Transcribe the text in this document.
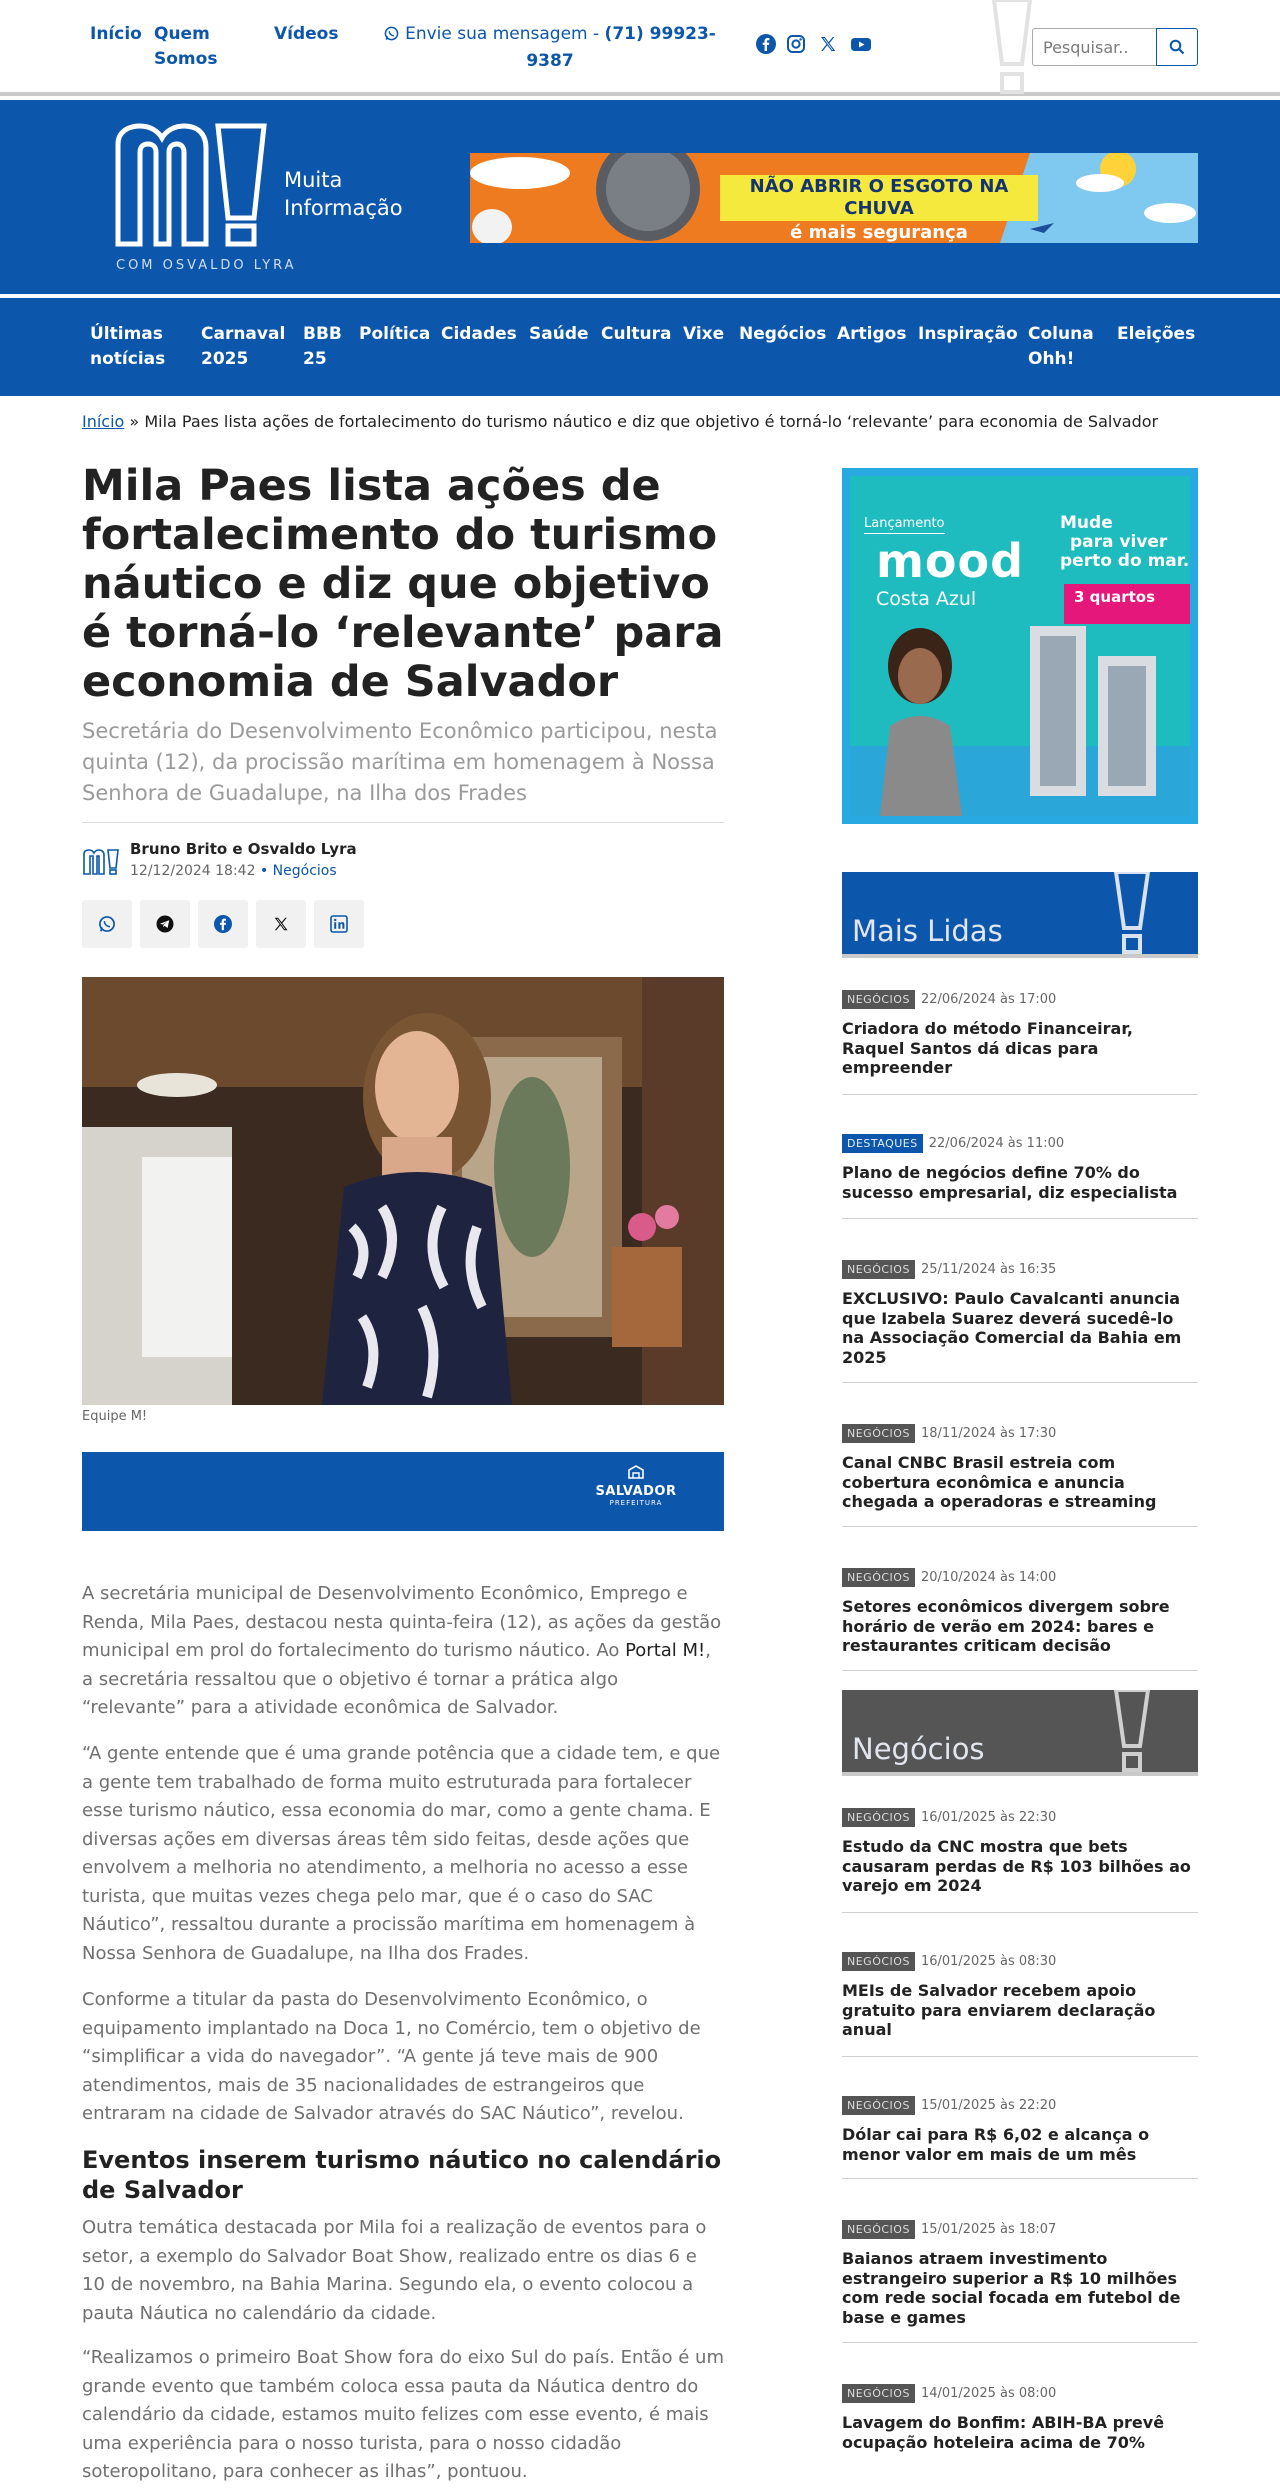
Início Quem Somos
Vídeos	Envie sua mensagem - (71) 99923-9387
Pesquisar..
Muita Informação
COM OSVALDO LYRA
NÃO ABRIR O ESGOTO NA CHUVA
é mais segurança
Últimas notícias
Carnaval 2025
BBB 25
Política Cidades Saúde Cultura Vixe Negócios Artigos Inspiração Coluna Ohh!
Eleições
Início » Mila Paes lista ações de fortalecimento do turismo náutico e diz que objetivo é torná-lo ‘relevante’ para economia de Salvador
Mila Paes lista ações de fortalecimento do turismo náutico e diz que objetivo é torná-lo ‘relevante’ para economia de Salvador

Secretária do Desenvolvimento Econômico participou, nesta quinta (12), da procissão marítima em homenagem à Nossa Senhora de Guadalupe, na Ilha dos Frades

Bruno Brito e Osvaldo Lyra
12/12/2024 18:42 • Negócios
Equipe M!
SALVADOR
PREFEITURA

A secretária municipal de Desenvolvimento Econômico, Emprego e Renda, Mila Paes, destacou nesta quinta-feira (12), as ações da gestão municipal em prol do fortalecimento do turismo náutico. Ao Portal M!, a secretária ressaltou que o objetivo é tornar a prática algo “relevante” para a atividade econômica de Salvador.

“A gente entende que é uma grande potência que a cidade tem, e que a gente tem trabalhado de forma muito estruturada para fortalecer esse turismo náutico, essa economia do mar, como a gente chama. E diversas ações em diversas áreas têm sido feitas, desde ações que envolvem a melhoria no atendimento, a melhoria no acesso a esse turista, que muitas vezes chega pelo mar, que é o caso do SAC Náutico”, ressaltou durante a procissão marítima em homenagem à Nossa Senhora de Guadalupe, na Ilha dos Frades.

Conforme a titular da pasta do Desenvolvimento Econômico, o equipamento implantado na Doca 1, no Comércio, tem o objetivo de “simplificar a vida do navegador”. “A gente já teve mais de 900 atendimentos, mais de 35 nacionalidades de estrangeiros que entraram na cidade de Salvador através do SAC Náutico”, revelou.

Eventos inserem turismo náutico no calendário de Salvador

Outra temática destacada por Mila foi a realização de eventos para o setor, a exemplo do Salvador Boat Show, realizado entre os dias 6 e 10 de novembro, na Bahia Marina. Segundo ela, o evento colocou a pauta Náutica no calendário da cidade.

“Realizamos o primeiro Boat Show fora do eixo Sul do país. Então é um grande evento que também coloca essa pauta da Náutica dentro do calendário da cidade, estamos muito felizes com esse evento, é mais uma experiência para o nosso turista, para o nosso cidadão soteropolitano, para conhecer as ilhas”, pontuou.

Lançamento
mood
Costa Azul
Mude
para viver
perto do mar.
3 quartos
Mais Lidas
NEGÓCIOS 22/06/2024 às 17:00
Criadora do método Financeirar, Raquel Santos dá dicas para empreender
DESTAQUES 22/06/2024 às 11:00
Plano de negócios define 70% do sucesso empresarial, diz especialista
NEGÓCIOS 25/11/2024 às 16:35
EXCLUSIVO: Paulo Cavalcanti anuncia que Izabela Suarez deverá sucedê-lo na Associação Comercial da Bahia em 2025
NEGÓCIOS 18/11/2024 às 17:30
Canal CNBC Brasil estreia com cobertura econômica e anuncia chegada a operadoras e streaming
NEGÓCIOS 20/10/2024 às 14:00
Setores econômicos divergem sobre horário de verão em 2024: bares e restaurantes criticam decisão
Negócios
NEGÓCIOS 16/01/2025 às 22:30
Estudo da CNC mostra que bets causaram perdas de R$ 103 bilhões ao varejo em 2024
NEGÓCIOS 16/01/2025 às 08:30
MEIs de Salvador recebem apoio gratuito para enviarem declaração anual
NEGÓCIOS 15/01/2025 às 22:20
Dólar cai para R$ 6,02 e alcança o menor valor em mais de um mês
NEGÓCIOS 15/01/2025 às 18:07
Baianos atraem investimento estrangeiro superior a R$ 10 milhões com rede social focada em futebol de base e games
NEGÓCIOS 14/01/2025 às 08:00
Lavagem do Bonfim: ABIH-BA prevê ocupação hoteleira acima de 70%
